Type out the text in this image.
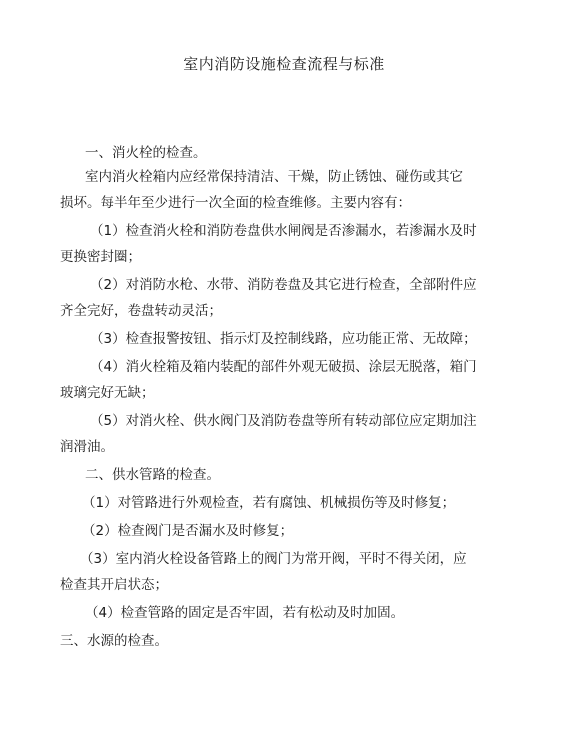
室内消防设施检查流程与标准
一、消火栓的检查。
室内消火栓箱内应经常保持清洁、干燥，防止锈蚀、碰伤或其它
损坏。每半年至少进行一次全面的检查维修。主要内容有：
（1）检查消火栓和消防卷盘供水闸阀是否渗漏水，若渗漏水及时
更换密封圈；
（2）对消防水枪、水带、消防卷盘及其它进行检查，全部附件应
齐全完好，卷盘转动灵活；
（3）检查报警按钮、指示灯及控制线路，应功能正常、无故障；
（4）消火栓箱及箱内装配的部件外观无破损、涂层无脱落，箱门
玻璃完好无缺；
（5）对消火栓、供水阀门及消防卷盘等所有转动部位应定期加注
润滑油。
二、供水管路的检查。
（1）对管路进行外观检查，若有腐蚀、机械损伤等及时修复；
（2）检查阀门是否漏水及时修复；
（3）室内消火栓设备管路上的阀门为常开阀，平时不得关闭，应
检查其开启状态；
（4）检查管路的固定是否牢固，若有松动及时加固。
三、水源的检查。
